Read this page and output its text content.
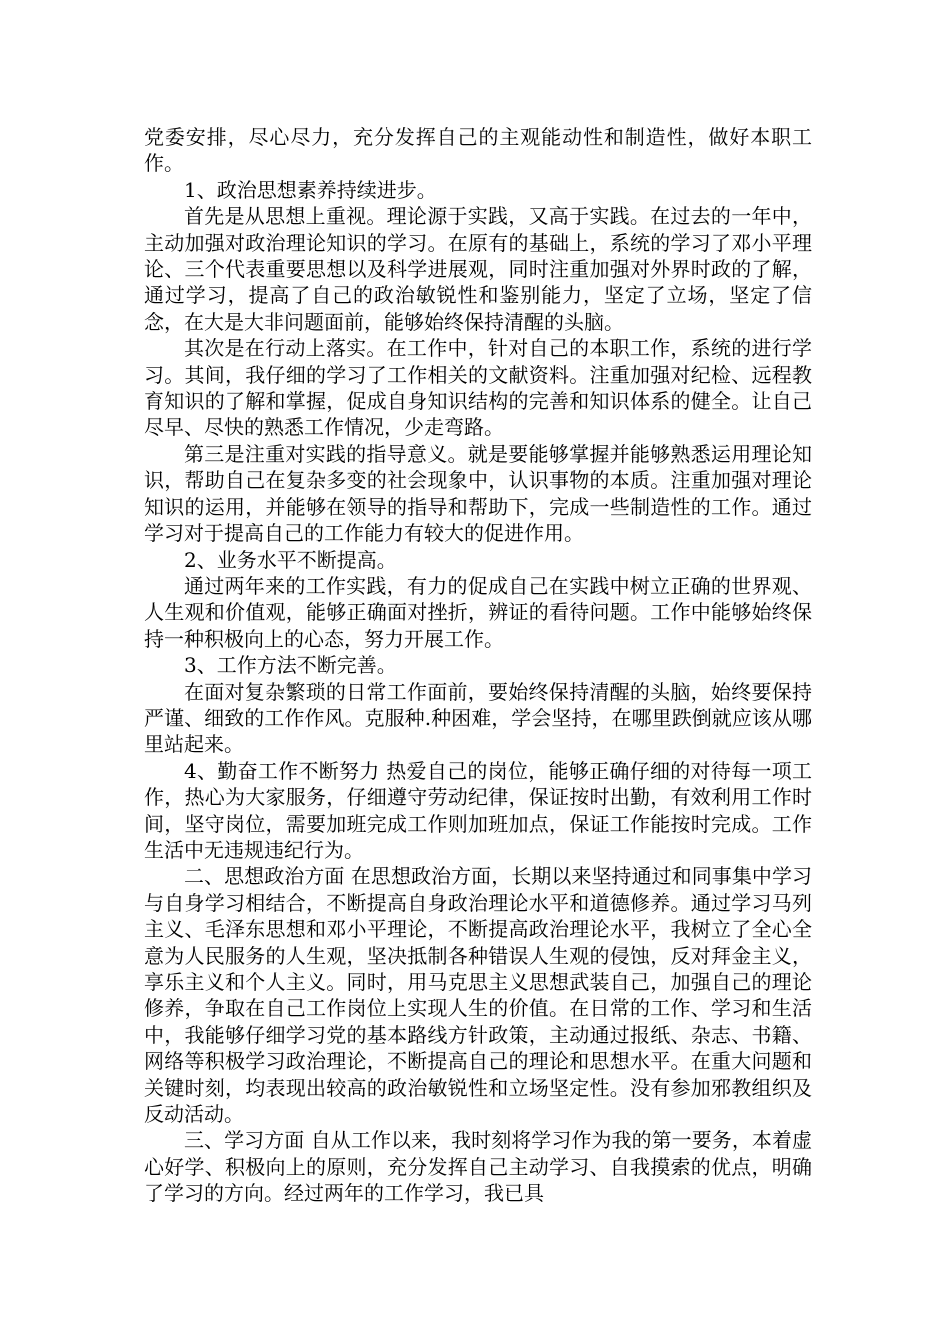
党委安排，尽心尽力，充分发挥自己的主观能动性和制造性，做好本职工作。

1、政治思想素养持续进步。

首先是从思想上重视。理论源于实践，又高于实践。在过去的一年中，主动加强对政治理论知识的学习。在原有的基础上，系统的学习了邓小平理论、三个代表重要思想以及科学进展观，同时注重加强对外界时政的了解，通过学习，提高了自己的政治敏锐性和鉴别能力，坚定了立场，坚定了信念，在大是大非问题面前，能够始终保持清醒的头脑。

其次是在行动上落实。在工作中，针对自己的本职工作，系统的进行学习。其间，我仔细的学习了工作相关的文献资料。注重加强对纪检、远程教育知识的了解和掌握，促成自身知识结构的完善和知识体系的健全。让自己尽早、尽快的熟悉工作情况，少走弯路。

第三是注重对实践的指导意义。就是要能够掌握并能够熟悉运用理论知识，帮助自己在复杂多变的社会现象中，认识事物的本质。注重加强对理论知识的运用，并能够在领导的指导和帮助下，完成一些制造性的工作。通过学习对于提高自己的工作能力有较大的促进作用。

2、业务水平不断提高。

通过两年来的工作实践，有力的促成自己在实践中树立正确的世界观、人生观和价值观，能够正确面对挫折，辨证的看待问题。工作中能够始终保持一种积极向上的心态，努力开展工作。

3、工作方法不断完善。

在面对复杂繁琐的日常工作面前，要始终保持清醒的头脑，始终要保持严谨、细致的工作作风。克服种.种困难，学会坚持，在哪里跌倒就应该从哪里站起来。

4、勤奋工作不断努力 热爱自己的岗位，能够正确仔细的对待每一项工作，热心为大家服务，仔细遵守劳动纪律，保证按时出勤，有效利用工作时间，坚守岗位，需要加班完成工作则加班加点，保证工作能按时完成。工作生活中无违规违纪行为。

二、思想政治方面 在思想政治方面，长期以来坚持通过和同事集中学习与自身学习相结合，不断提高自身政治理论水平和道德修养。通过学习马列主义、毛泽东思想和邓小平理论，不断提高政治理论水平，我树立了全心全意为人民服务的人生观，坚决抵制各种错误人生观的侵蚀，反对拜金主义，享乐主义和个人主义。同时，用马克思主义思想武装自己，加强自己的理论修养，争取在自己工作岗位上实现人生的价值。在日常的工作、学习和生活中，我能够仔细学习党的基本路线方针政策，主动通过报纸、杂志、书籍、网络等积极学习政治理论，不断提高自己的理论和思想水平。在重大问题和关键时刻，均表现出较高的政治敏锐性和立场坚定性。没有参加邪教组织及反动活动。

三、学习方面 自从工作以来，我时刻将学习作为我的第一要务，本着虚心好学、积极向上的原则，充分发挥自己主动学习、自我摸索的优点，明确了学习的方向。经过两年的工作学习，我已具
